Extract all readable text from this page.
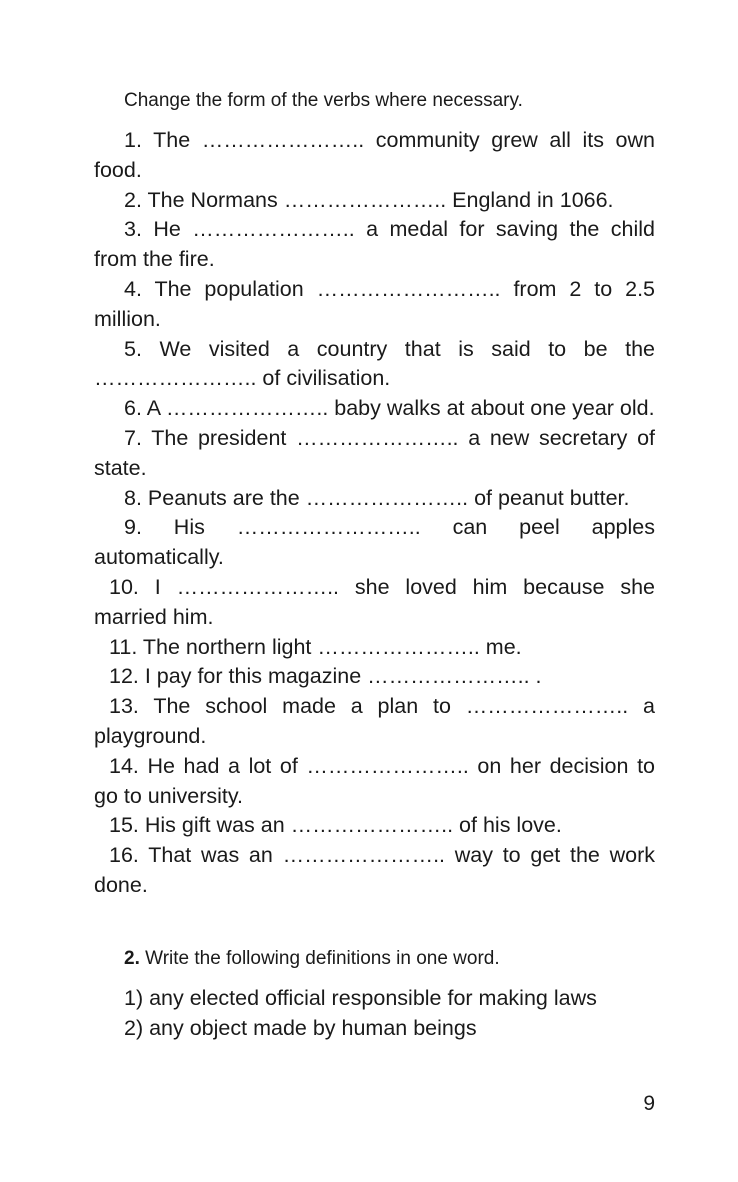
Change the form of the verbs where necessary.

1. The ………………….. community grew all its own food.

2. The Normans ………………….. England in 1066.

3. He ………………….. a medal for saving the child from the fire.

4. The population …………………….. from 2 to 2.5 million.

5. We visited a country that is said to be the ………………….. of civilisation.

6. A ………………….. baby walks at about one year old.

7. The president ………………….. a new secretary of state.

8. Peanuts are the ………………….. of peanut butter.

9. His …………………….. can peel apples automatically.

10. I ………………….. she loved him because she married him.

11. The northern light ………………….. me.

12. I pay for this magazine ………………….. .

13. The school made a plan to ………………….. a playground.

14. He had a lot of ………………….. on her decision to go to university.

15. His gift was an ………………….. of his love.

16. That was an ………………….. way to get the work done.

2. Write the following definitions in one word.

1) any elected official responsible for making laws

2) any object made by human beings

9
